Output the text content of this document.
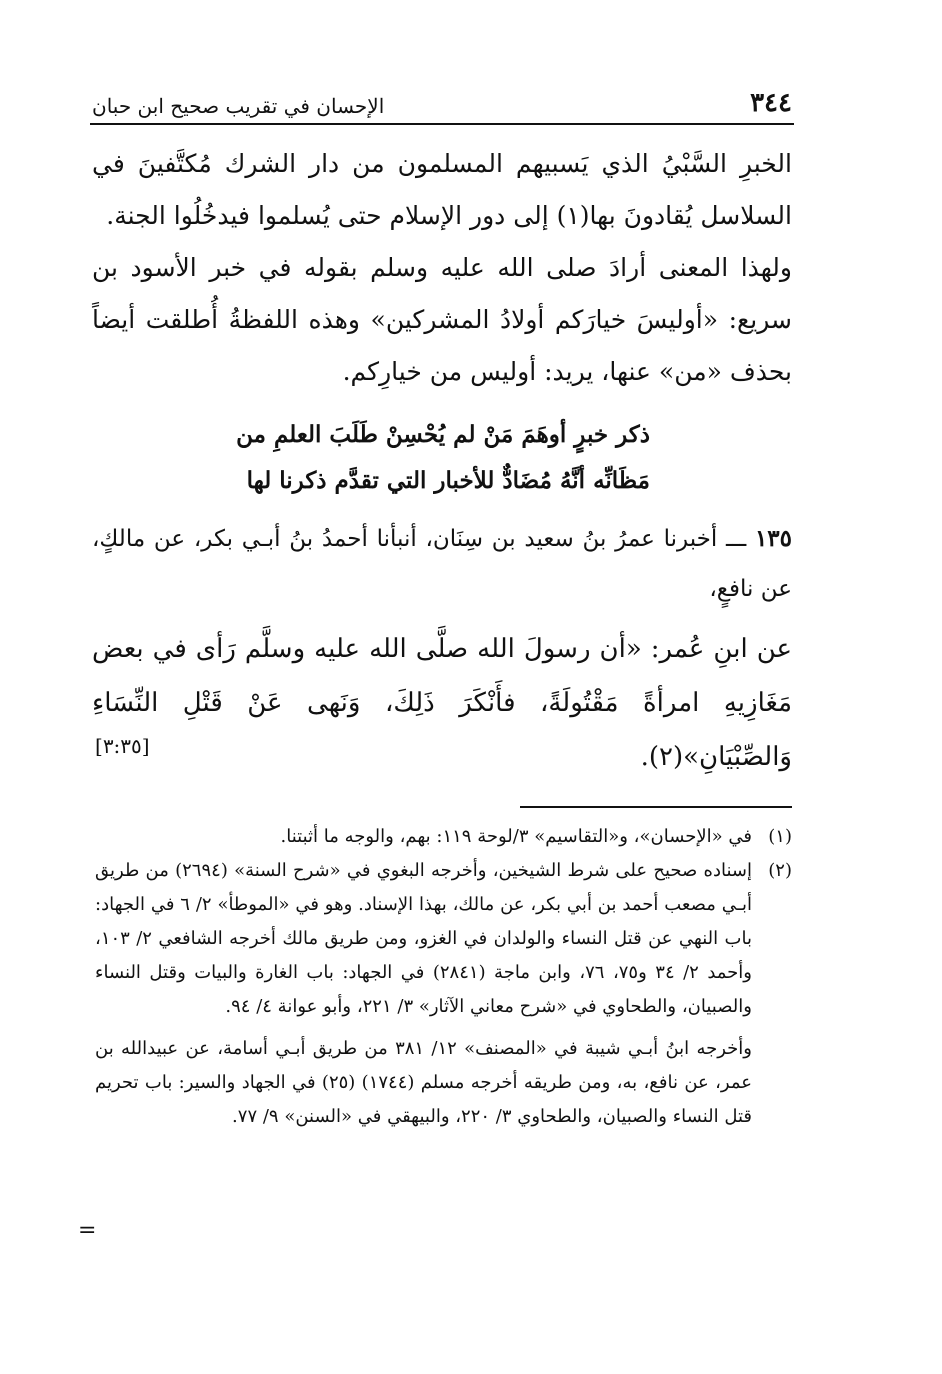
٣٤٤
الإحسان في تقريب صحيح ابن حبان

الخبرِ السَّبْيُ الذي يَسبيهم المسلمون من دار الشرك مُكتَّفينَ في السلاسل يُقادونَ بها(١) إلى دور الإسلام حتى يُسلموا فيدخُلُوا الجنة.

ولهذا المعنى أرادَ صلى الله عليه وسلم بقوله في خبر الأسود بن سريع: «أوليسَ خيارَكم أولادُ المشركين» وهذه اللفظةُ أُطلقت أيضاً بحذف «من» عنها، يريد: أوليس من خيارِكم.

ذكر خبرٍ أوهَمَ مَنْ لم يُحْسِنْ طَلَبَ العلمِ من

مَظَانِّه أنَّهُ مُضَادٌّ للأخبار التي تقدَّم ذكرنا لها

١٣٥ ـــ أخبرنا عمرُ بنُ سعيد بن سِنَان، أنبأنا أحمدُ بنُ أبـي بكر، عن مالكٍ، عن نافعٍ،

عن ابنِ عُمر: «أن رسولَ الله صلَّى الله عليه وسلَّم رَأى في بعض مَغَازِيهِ امرأةً مَقْتُولَةً، فأَنْكَرَ ذَلِكَ، وَنَهى عَنْ قَتْلِ النِّسَاءِ وَالصِّبْيَانِ»(٢).

[٣:٣٥]
(١)
في «الإحسان»، و«التقاسيم» ٣/لوحة ١١٩: بهم، والوجه ما أثبتنا.
(٢)
إسناده صحيح على شرط الشيخين، وأخرجه البغوي في «شرح السنة» (٢٦٩٤) من طريق أبـي مصعب أحمد بن أبي بكر، عن مالك، بهذا الإسناد. وهو في «الموطأ» ٢/ ٦ في الجهاد: باب النهي عن قتل النساء والولدان في الغزو، ومن طريق مالك أخرجه الشافعي ٢/ ١٠٣، وأحمد ٢/ ٣٤ و٧٥، ٧٦، وابن ماجة (٢٨٤١) في الجهاد: باب الغارة والبيات وقتل النساء والصبيان، والطحاوي في «شرح معاني الآثار» ٣/ ٢٢١، وأبو عوانة ٤/ ٩٤.
وأخرجه ابنُ أبـي شيبة في «المصنف» ١٢/ ٣٨١ من طريق أبـي أسامة، عن عبيدالله بن عمر، عن نافع، به، ومن طريقه أخرجه مسلم (١٧٤٤) (٢٥) في الجهاد والسير: باب تحريم قتل النساء والصبيان، والطحاوي ٣/ ٢٢٠، والبيهقي في «السنن» ٩/ ٧٧.
=
